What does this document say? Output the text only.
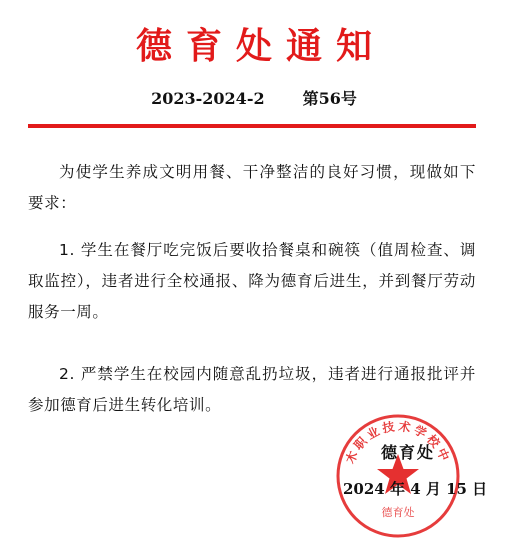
德育处通知
2023-2024-2 第56号
为使学生养成文明用餐、干净整洁的良好习惯，现做如下要求：
1. 学生在餐厅吃完饭后要收拾餐桌和碗筷（值周检查、调取监控），违者进行全校通报、降为德育后进生，并到餐厅劳动服务一周。
2. 严禁学生在校园内随意乱扔垃圾，违者进行通报批评并参加德育后进生转化培训。
木职业技术学校中
德育处
德育处
2024 年 4 月 15 日
